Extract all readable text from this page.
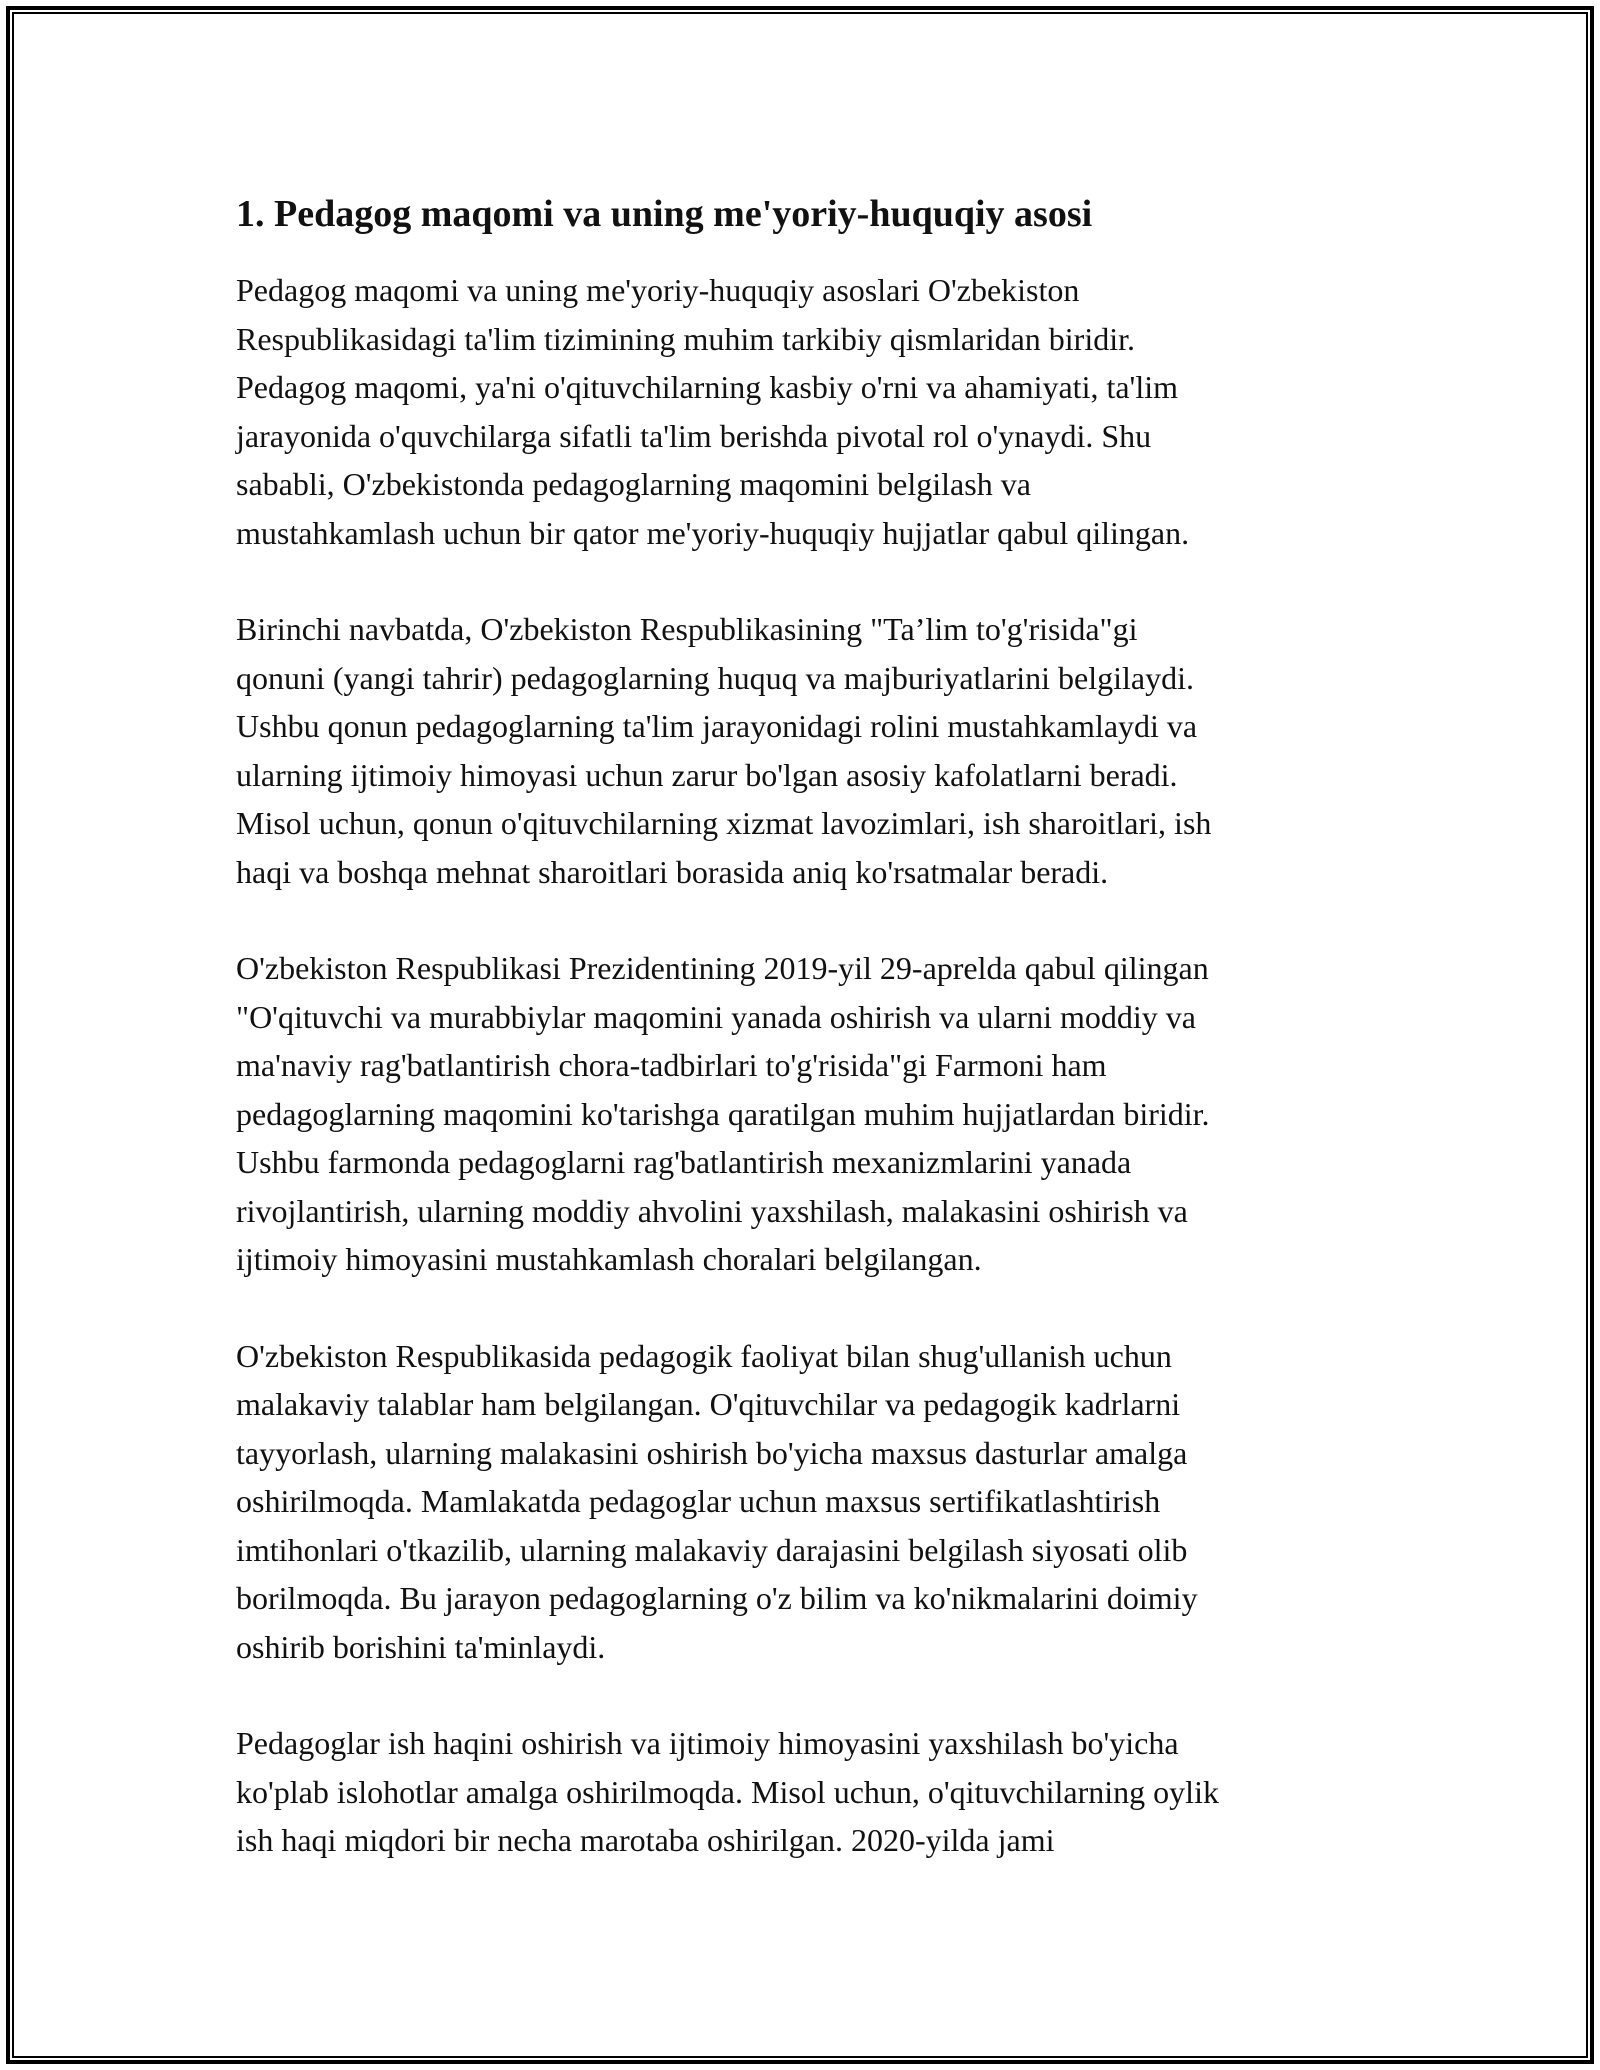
1. Pedagog maqomi va uning me'yoriy-huquqiy asosi

Pedagog maqomi va uning me'yoriy-huquqiy asoslari O'zbekiston
Respublikasidagi ta'lim tizimining muhim tarkibiy qismlaridan biridir.
Pedagog maqomi, ya'ni o'qituvchilarning kasbiy o'rni va ahamiyati, ta'lim
jarayonida o'quvchilarga sifatli ta'lim berishda pivotal rol o'ynaydi. Shu
sababli, O'zbekistonda pedagoglarning maqomini belgilash va
mustahkamlash uchun bir qator me'yoriy-huquqiy hujjatlar qabul qilingan.

Birinchi navbatda, O'zbekiston Respublikasining "Ta’lim to'g'risida"gi
qonuni (yangi tahrir) pedagoglarning huquq va majburiyatlarini belgilaydi.
Ushbu qonun pedagoglarning ta'lim jarayonidagi rolini mustahkamlaydi va
ularning ijtimoiy himoyasi uchun zarur bo'lgan asosiy kafolatlarni beradi.
Misol uchun, qonun o'qituvchilarning xizmat lavozimlari, ish sharoitlari, ish
haqi va boshqa mehnat sharoitlari borasida aniq ko'rsatmalar beradi.

O'zbekiston Respublikasi Prezidentining 2019-yil 29-aprelda qabul qilingan
"O'qituvchi va murabbiylar maqomini yanada oshirish va ularni moddiy va
ma'naviy rag'batlantirish chora-tadbirlari to'g'risida"gi Farmoni ham
pedagoglarning maqomini ko'tarishga qaratilgan muhim hujjatlardan biridir.
Ushbu farmonda pedagoglarni rag'batlantirish mexanizmlarini yanada
rivojlantirish, ularning moddiy ahvolini yaxshilash, malakasini oshirish va
ijtimoiy himoyasini mustahkamlash choralari belgilangan.

O'zbekiston Respublikasida pedagogik faoliyat bilan shug'ullanish uchun
malakaviy talablar ham belgilangan. O'qituvchilar va pedagogik kadrlarni
tayyorlash, ularning malakasini oshirish bo'yicha maxsus dasturlar amalga
oshirilmoqda. Mamlakatda pedagoglar uchun maxsus sertifikatlashtirish
imtihonlari o'tkazilib, ularning malakaviy darajasini belgilash siyosati olib
borilmoqda. Bu jarayon pedagoglarning o'z bilim va ko'nikmalarini doimiy
oshirib borishini ta'minlaydi.

Pedagoglar ish haqini oshirish va ijtimoiy himoyasini yaxshilash bo'yicha
ko'plab islohotlar amalga oshirilmoqda. Misol uchun, o'qituvchilarning oylik
ish haqi miqdori bir necha marotaba oshirilgan. 2020-yilda jami
